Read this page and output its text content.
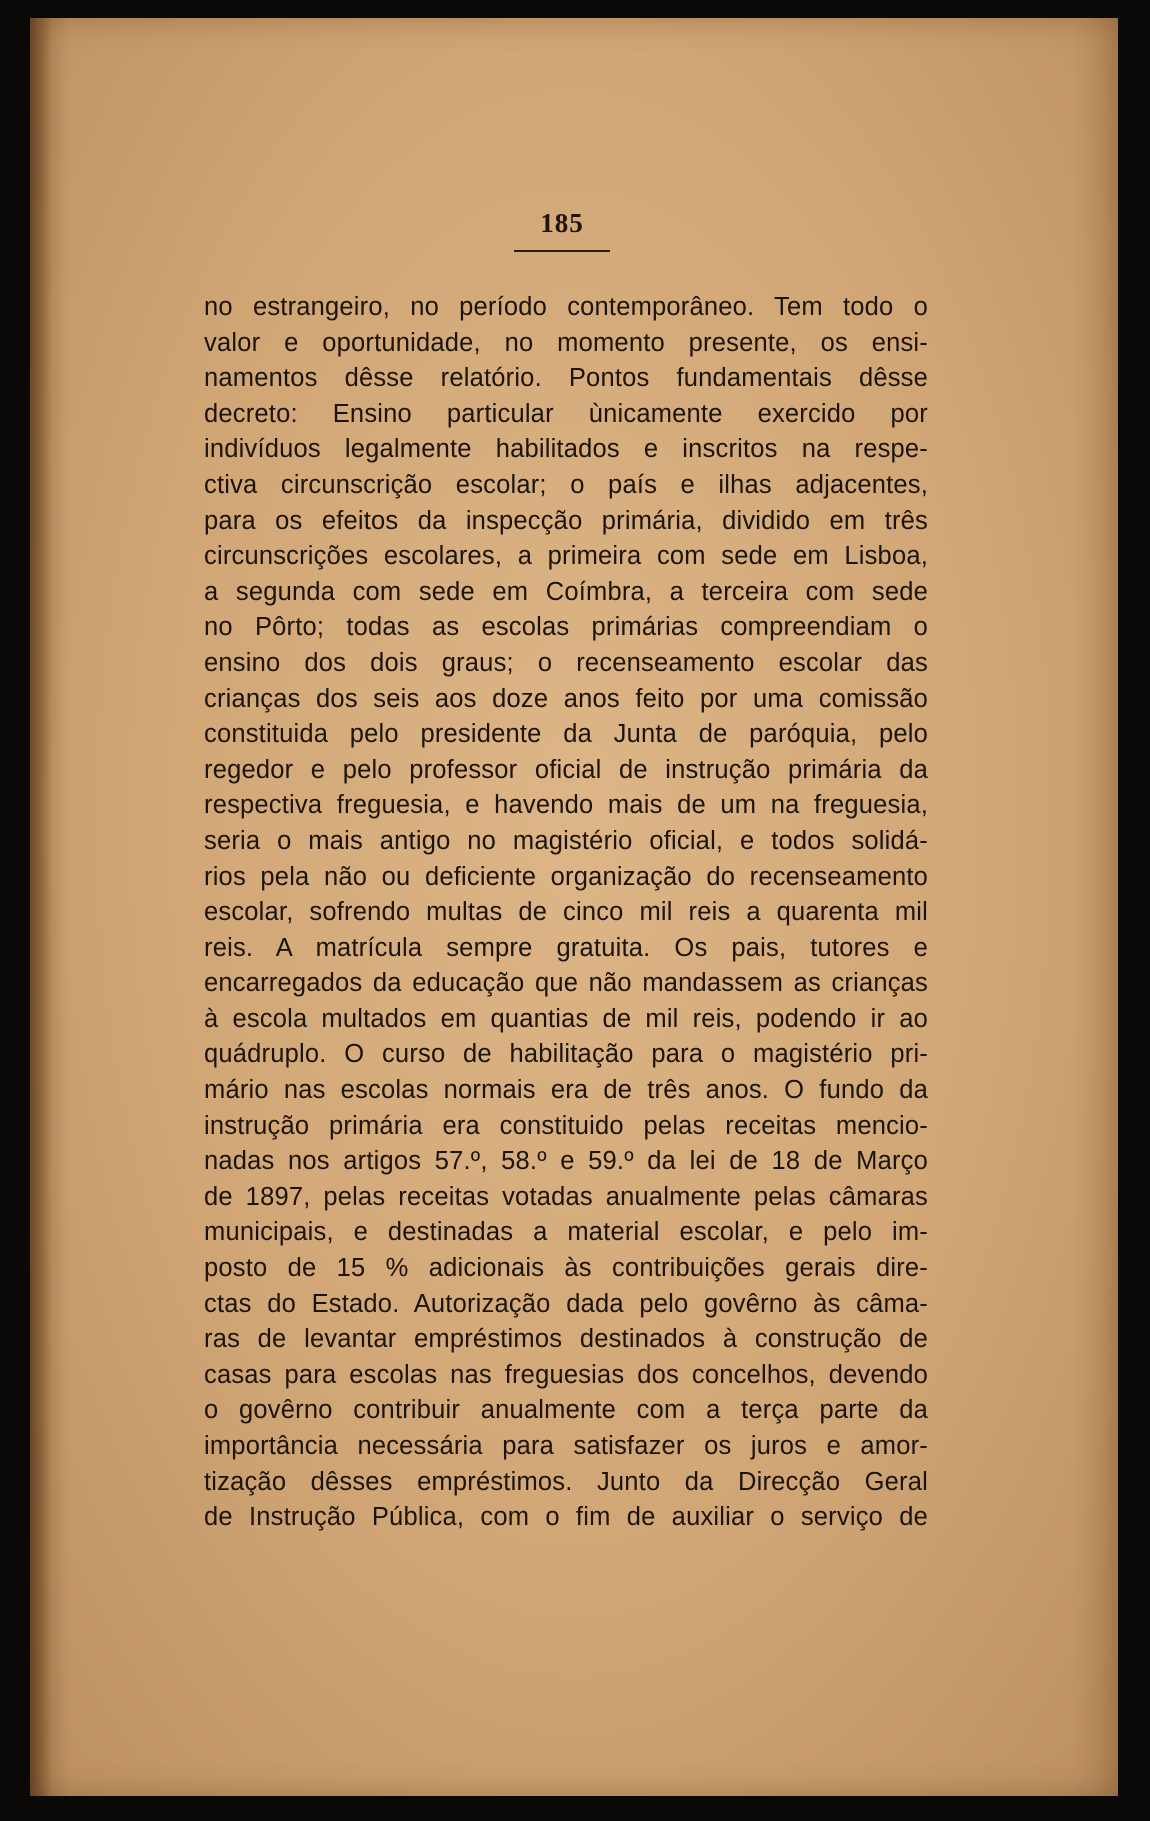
185
no estrangeiro, no período contemporâneo. Tem todo o
valor e oportunidade, no momento presente, os ensi-
namentos dêsse relatório. Pontos fundamentais dêsse
decreto: Ensino particular ùnicamente exercido por
indivíduos legalmente habilitados e inscritos na respe-
ctiva circunscrição escolar; o país e ilhas adjacentes,
para os efeitos da inspecção primária, dividido em três
circunscrições escolares, a primeira com sede em Lisboa,
a segunda com sede em Coímbra, a terceira com sede
no Pôrto; todas as escolas primárias compreendiam o
ensino dos dois graus; o recenseamento escolar das
crianças dos seis aos doze anos feito por uma comissão
constituida pelo presidente da Junta de paróquia, pelo
regedor e pelo professor oficial de instrução primária da
respectiva freguesia, e havendo mais de um na freguesia,
seria o mais antigo no magistério oficial, e todos solidá-
rios pela não ou deficiente organização do recenseamento
escolar, sofrendo multas de cinco mil reis a quarenta mil
reis. A matrícula sempre gratuita. Os pais, tutores e
encarregados da educação que não mandassem as crianças
à escola multados em quantias de mil reis, podendo ir ao
quádruplo. O curso de habilitação para o magistério pri-
mário nas escolas normais era de três anos. O fundo da
instrução primária era constituido pelas receitas mencio-
nadas nos artigos 57.º, 58.º e 59.º da lei de 18 de Março
de 1897, pelas receitas votadas anualmente pelas câmaras
municipais, e destinadas a material escolar, e pelo im-
posto de 15 % adicionais às contribuições gerais dire-
ctas do Estado. Autorização dada pelo govêrno às câma-
ras de levantar empréstimos destinados à construção de
casas para escolas nas freguesias dos concelhos, devendo
o govêrno contribuir anualmente com a terça parte da
importância necessária para satisfazer os juros e amor-
tização dêsses empréstimos. Junto da Direcção Geral
de Instrução Pública, com o fim de auxiliar o serviço de
